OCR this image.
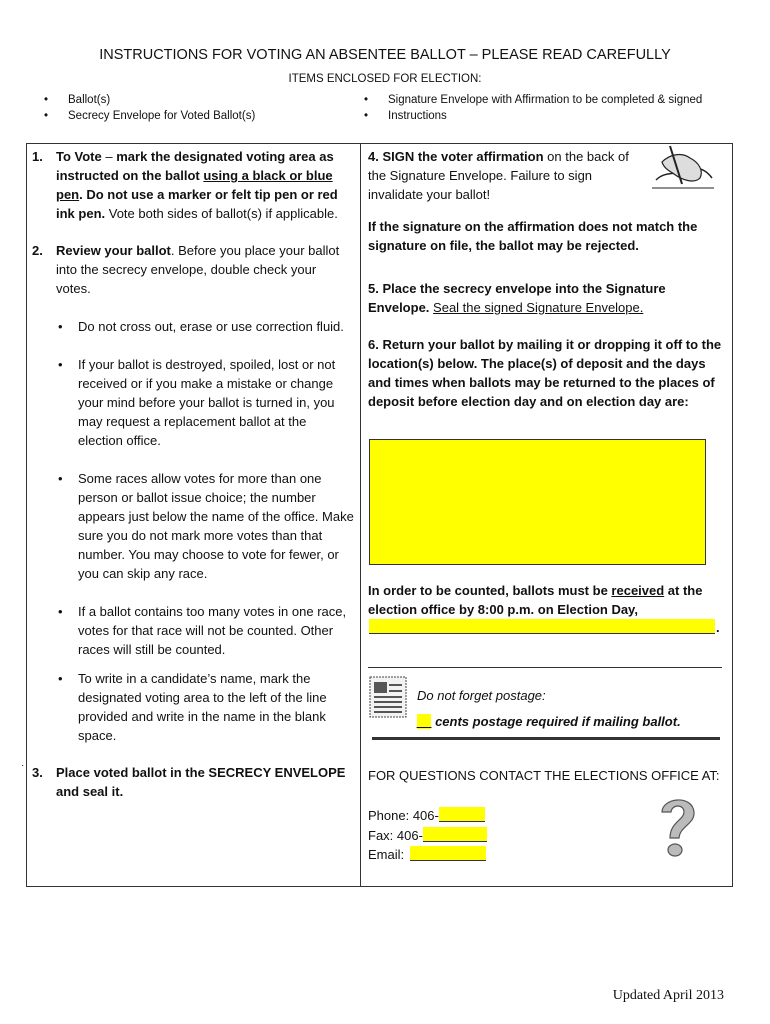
INSTRUCTIONS FOR VOTING AN ABSENTEE BALLOT – PLEASE READ CAREFULLY
ITEMS ENCLOSED FOR ELECTION:
• Ballot(s)
• Secrecy Envelope for Voted Ballot(s)
• Signature Envelope with Affirmation to be completed & signed
• Instructions
1. To Vote – mark the designated voting area as instructed on the ballot using a black or blue pen. Do not use a marker or felt tip pen or red ink pen. Vote both sides of ballot(s) if applicable.
2. Review your ballot. Before you place your ballot into the secrecy envelope, double check your votes.
• Do not cross out, erase or use correction fluid.
• If your ballot is destroyed, spoiled, lost or not received or if you make a mistake or change your mind before your ballot is turned in, you may request a replacement ballot at the election office.
• Some races allow votes for more than one person or ballot issue choice; the number appears just below the name of the office. Make sure you do not mark more votes than that number. You may choose to vote for fewer, or you can skip any race.
• If a ballot contains too many votes in one race, votes for that race will not be counted. Other races will still be counted.
• To write in a candidate’s name, mark the designated voting area to the left of the line provided and write in the name in the blank space.
3. Place voted ballot in the SECRECY ENVELOPE and seal it.
4. SIGN the voter affirmation on the back of the Signature Envelope. Failure to sign invalidate your ballot!
If the signature on the affirmation does not match the signature on file, the ballot may be rejected.
5. Place the secrecy envelope into the Signature Envelope. Seal the signed Signature Envelope.
6. Return your ballot by mailing it or dropping it off to the location(s) below. The place(s) of deposit and the days and times when ballots may be returned to the places of deposit before election day and on election day are:
In order to be counted, ballots must be received at the election office by 8:00 p.m. on Election Day,
.
Do not forget postage:
__ cents postage required if mailing ballot.
FOR QUESTIONS CONTACT THE ELECTIONS OFFICE AT:
Phone: 406-
Fax: 406-
Email:
·
Updated April 2013
